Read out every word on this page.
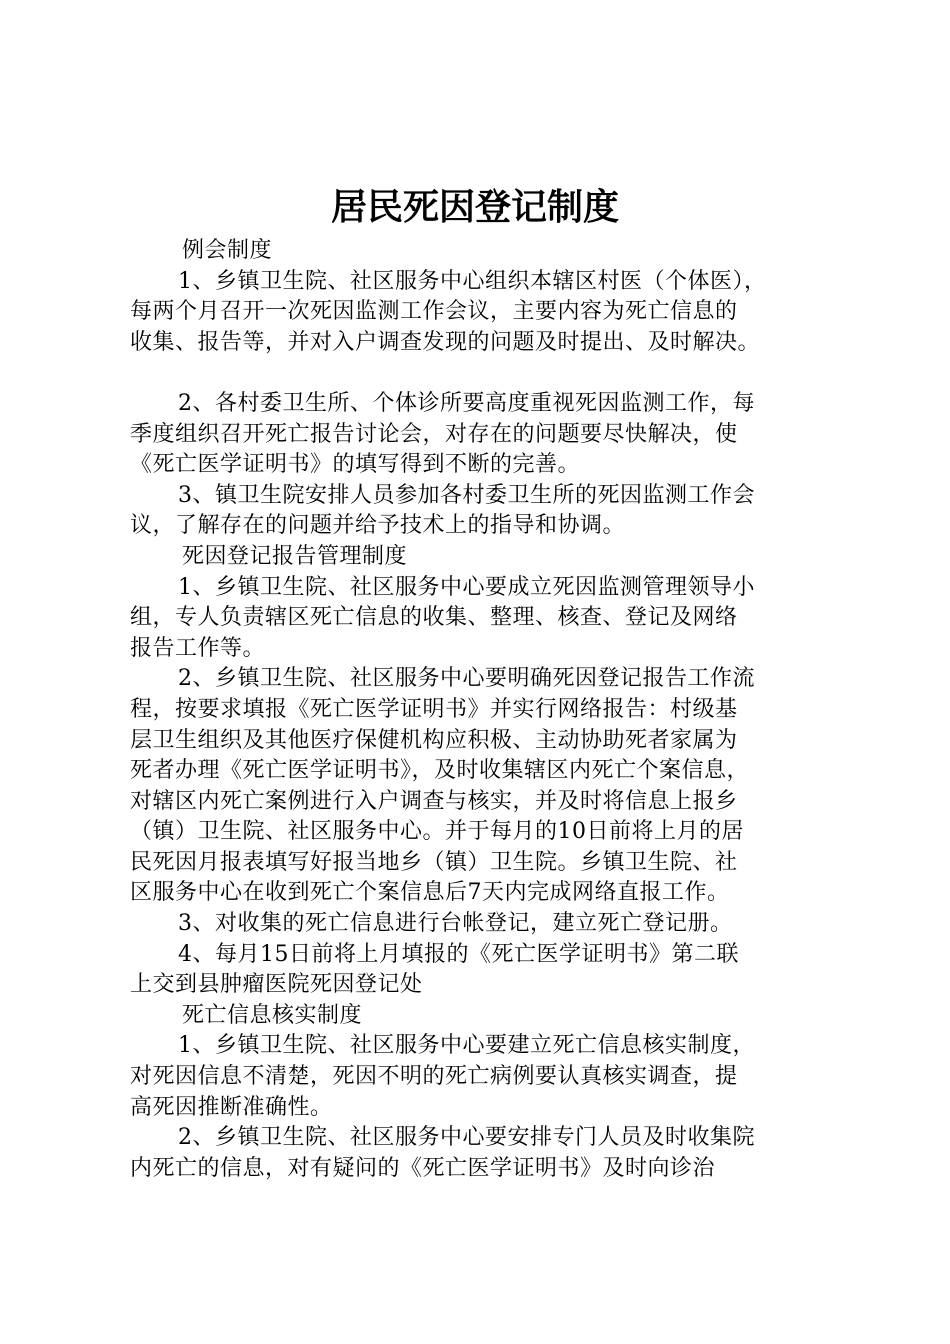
居民死因登记制度
例会制度
1、乡镇卫生院、社区服务中心组织本辖区村医（个体医），
每两个月召开一次死因监测工作会议，主要内容为死亡信息的
收集、报告等，并对入户调查发现的问题及时提出、及时解决。
2、各村委卫生所、个体诊所要高度重视死因监测工作，每
季度组织召开死亡报告讨论会，对存在的问题要尽快解决，使
《死亡医学证明书》的填写得到不断的完善。
3、镇卫生院安排人员参加各村委卫生所的死因监测工作会
议，了解存在的问题并给予技术上的指导和协调。
死因登记报告管理制度
1、乡镇卫生院、社区服务中心要成立死因监测管理领导小
组，专人负责辖区死亡信息的收集、整理、核查、登记及网络
报告工作等。
2、乡镇卫生院、社区服务中心要明确死因登记报告工作流
程，按要求填报《死亡医学证明书》并实行网络报告：村级基
层卫生组织及其他医疗保健机构应积极、主动协助死者家属为
死者办理《死亡医学证明书》，及时收集辖区内死亡个案信息，
对辖区内死亡案例进行入户调查与核实，并及时将信息上报乡
（镇）卫生院、社区服务中心。并于每月的10日前将上月的居
民死因月报表填写好报当地乡（镇）卫生院。乡镇卫生院、社
区服务中心在收到死亡个案信息后7天内完成网络直报工作。
3、对收集的死亡信息进行台帐登记，建立死亡登记册。
4、每月15日前将上月填报的《死亡医学证明书》第二联
上交到县肿瘤医院死因登记处
死亡信息核实制度
1、乡镇卫生院、社区服务中心要建立死亡信息核实制度，
对死因信息不清楚，死因不明的死亡病例要认真核实调查，提
高死因推断准确性。
2、乡镇卫生院、社区服务中心要安排专门人员及时收集院
内死亡的信息，对有疑问的《死亡医学证明书》及时向诊治
